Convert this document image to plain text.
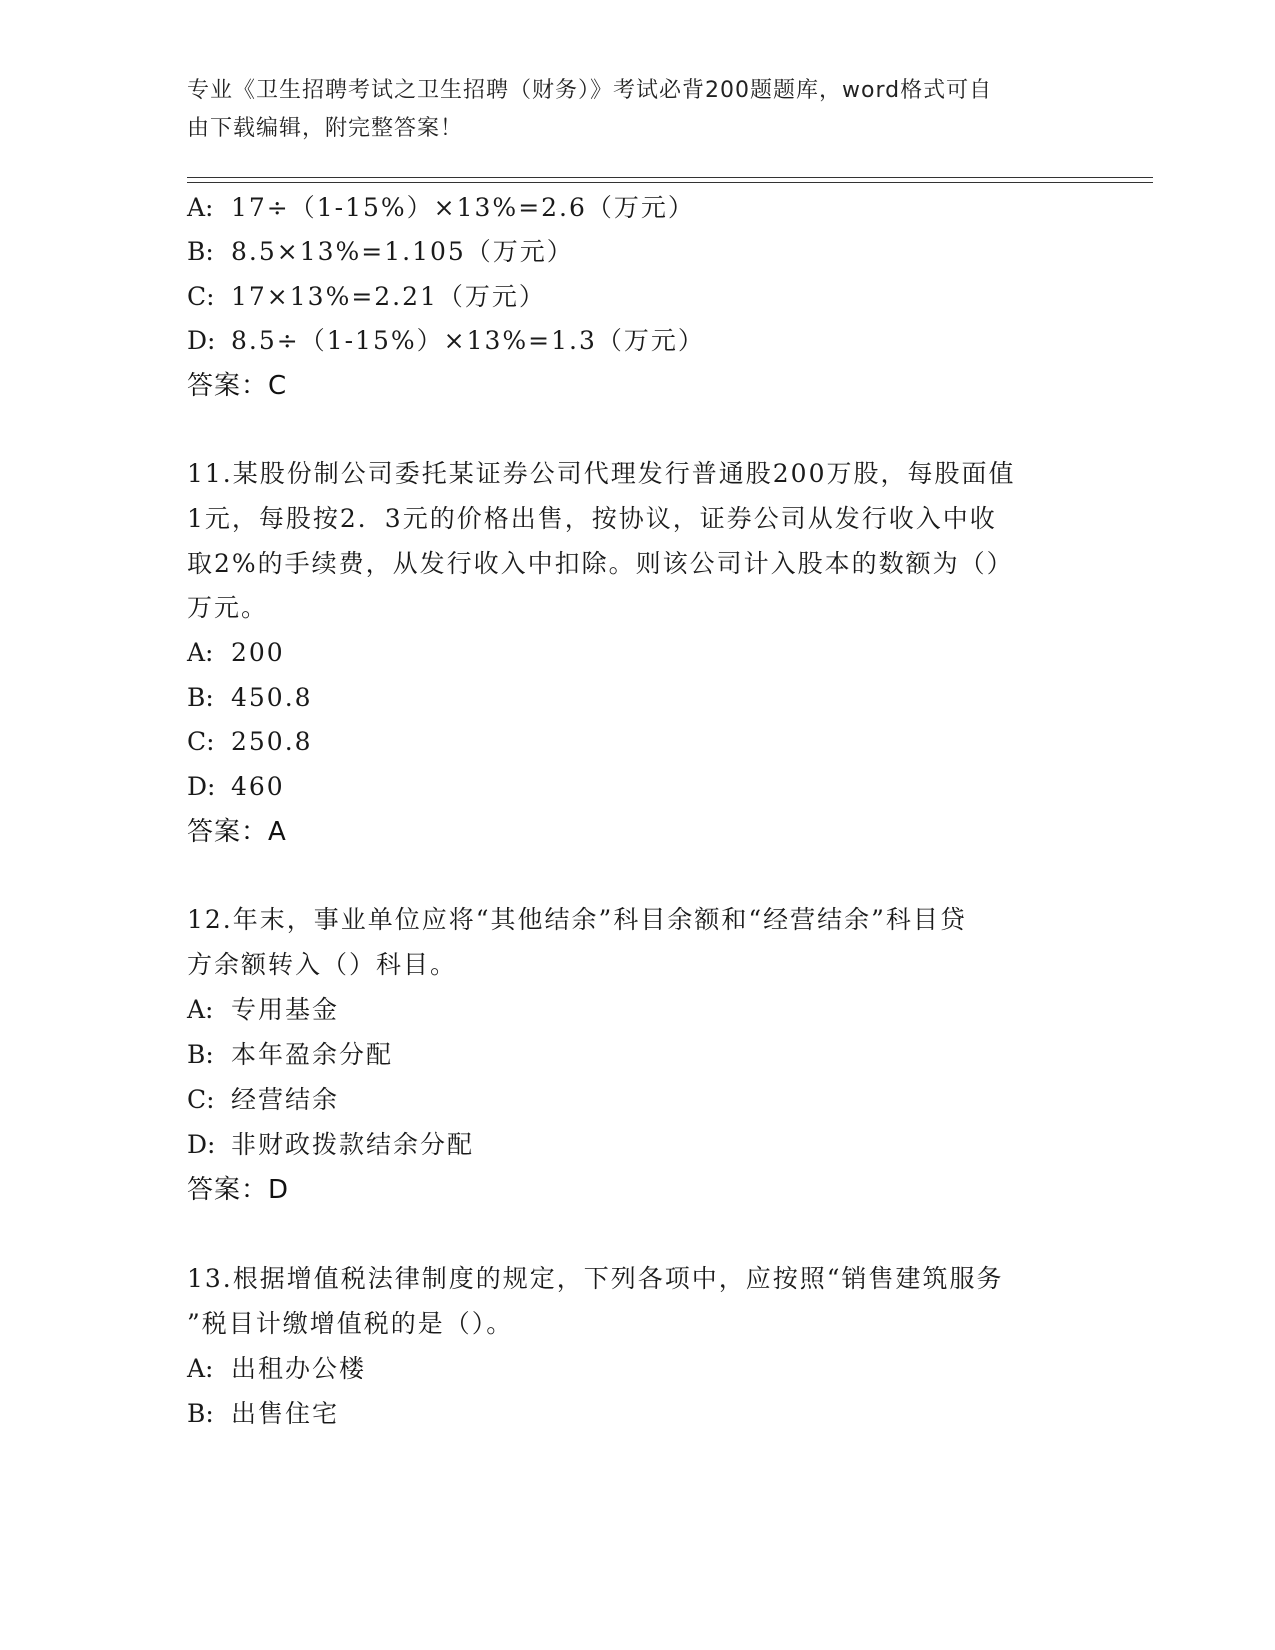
专业《卫生招聘考试之卫生招聘（财务）》考试必背200题题库，word格式可自
由下载编辑，附完整答案！
A: 17÷（1-15%）×13%=2.6（万元）
B: 8.5×13%=1.105（万元）
C: 17×13%=2.21（万元）
D: 8.5÷（1-15%）×13%=1.3（万元）
答案：C
11.某股份制公司委托某证券公司代理发行普通股200万股，每股面值
1元，每股按2．3元的价格出售，按协议，证券公司从发行收入中收
取2%的手续费，从发行收入中扣除。则该公司计入股本的数额为（）
万元。
A: 200
B: 450.8
C: 250.8
D: 460
答案：A
12.年末，事业单位应将“其他结余”科目余额和“经营结余”科目贷
方余额转入（）科目。
A: 专用基金
B: 本年盈余分配
C: 经营结余
D: 非财政拨款结余分配
答案：D
13.根据增值税法律制度的规定，下列各项中，应按照“销售建筑服务
”税目计缴增值税的是（）。
A: 出租办公楼
B: 出售住宅
